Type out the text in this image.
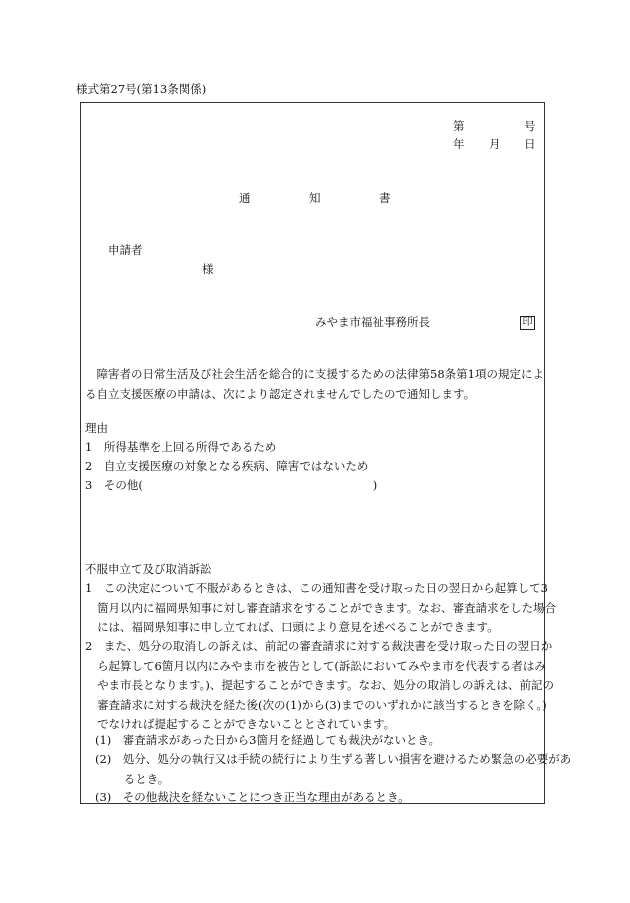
様式第27号(第13条関係)
第	号
年 月 日
通	知	書
申請者
様
みやま市福祉事務所長	印
障害者の日常生活及び社会生活を総合的に支援するための法律第58条第1項の規定による自立支援医療の申請は、次により認定されませんでしたので通知します。
理由
1　所得基準を上回る所得であるため
2　自立支援医療の対象となる疾病、障害ではないため
3　その他(　　　　　　　　　　　　　　　　　　　　)
不服申立て及び取消訴訟
1　この決定について不服があるときは、この通知書を受け取った日の翌日から起算して3箇月以内に福岡県知事に対し審査請求をすることができます。なお、審査請求をした場合には、福岡県知事に申し立てれば、口頭により意見を述べることができます。
2　また、処分の取消しの訴えは、前記の審査請求に対する裁決書を受け取った日の翌日から起算して6箇月以内にみやま市を被告として(訴訟においてみやま市を代表する者はみやま市長となります。)、提起することができます。なお、処分の取消しの訴えは、前記の審査請求に対する裁決を経た後(次の(1)から(3)までのいずれかに該当するときを除く。)でなければ提起することができないこととされています。
(1)　審査請求があった日から3箇月を経過しても裁決がないとき。
(2)　処分、処分の執行又は手続の続行により生ずる著しい損害を避けるため緊急の必要があるとき。
(3)　その他裁決を経ないことにつき正当な理由があるとき。
